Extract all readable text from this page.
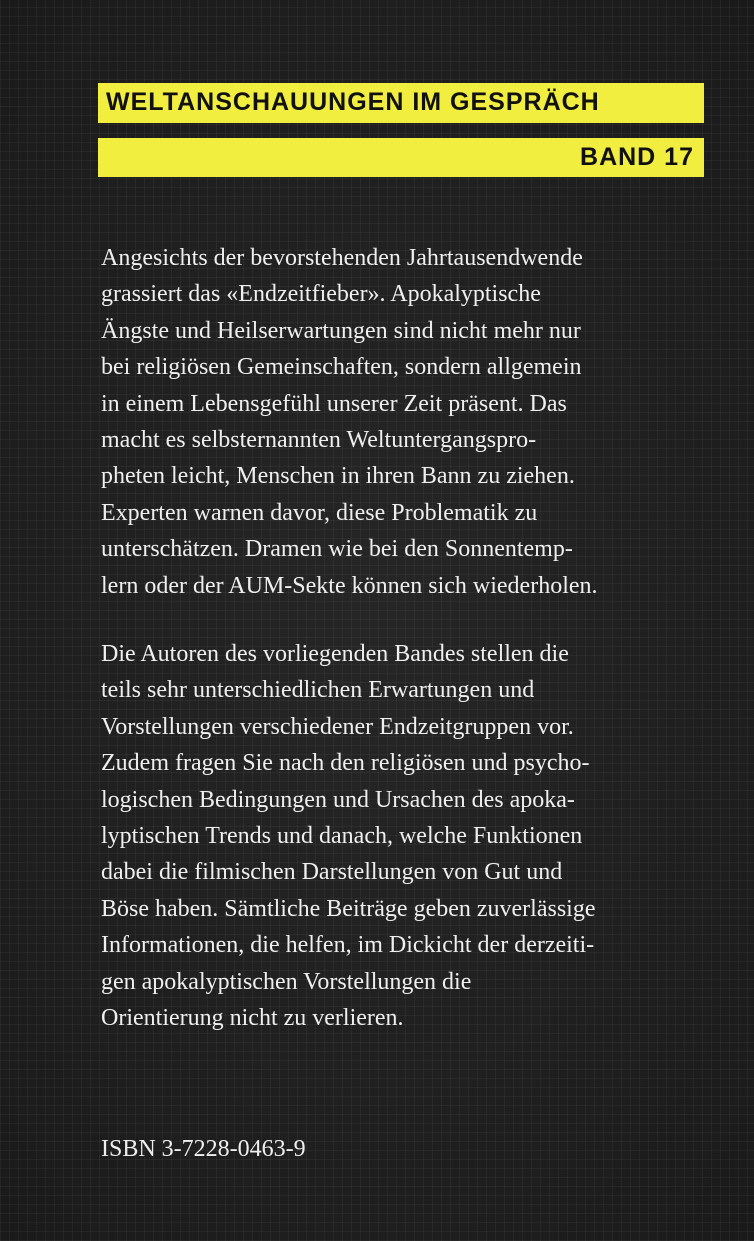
WELTANSCHAUUNGEN IM GESPRÄCH
BAND 17
Angesichts der bevorstehenden Jahrtausendwende
grassiert das «Endzeitfieber». Apokalyptische
Ängste und Heilserwartungen sind nicht mehr nur
bei religiösen Gemeinschaften, sondern allgemein
in einem Lebensgefühl unserer Zeit präsent. Das
macht es selbsternannten Weltuntergangspro-
pheten leicht, Menschen in ihren Bann zu ziehen.
Experten warnen davor, diese Problematik zu
unterschätzen. Dramen wie bei den Sonnentemp-
lern oder der AUM-Sekte können sich wiederholen.
Die Autoren des vorliegenden Bandes stellen die
teils sehr unterschiedlichen Erwartungen und
Vorstellungen verschiedener Endzeitgruppen vor.
Zudem fragen Sie nach den religiösen und psycho-
logischen Bedingungen und Ursachen des apoka-
lyptischen Trends und danach, welche Funktionen
dabei die filmischen Darstellungen von Gut und
Böse haben. Sämtliche Beiträge geben zuverlässige
Informationen, die helfen, im Dickicht der derzeiti-
gen apokalyptischen Vorstellungen die
Orientierung nicht zu verlieren.

ISBN 3-7228-0463-9
